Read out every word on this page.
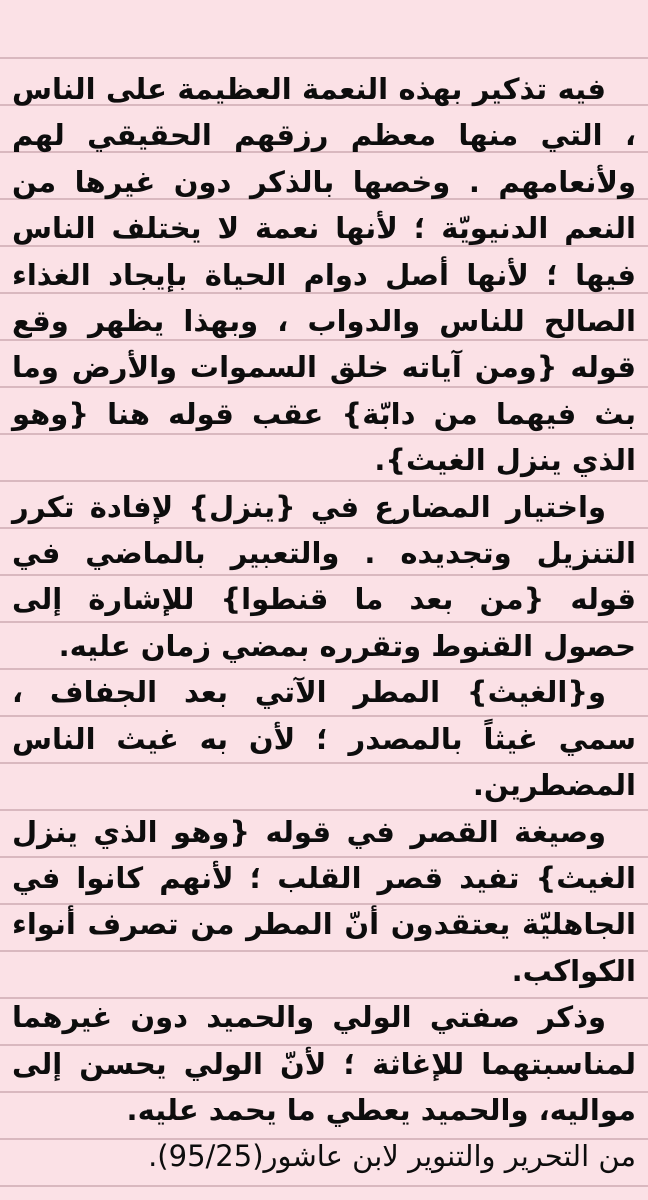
فيه تذكير بهذه النعمة العظيمة على الناس ، التي منها معظم رزقهم الحقيقي لهم ولأنعامهم . وخصها بالذكر دون غيرها من النعم الدنيويّة ؛ لأنها نعمة لا يختلف الناس فيها ؛ لأنها أصل دوام الحياة بإيجاد الغذاء الصالح للناس والدواب ، وبهذا يظهر وقع قوله {ومن آياته خلق السموات والأرض وما بث فيهما من دابّة} عقب قوله هنا {وهو الذي ينزل الغيث}.

واختيار المضارع في {ينزل} لإفادة تكرر التنزيل وتجديده . والتعبير بالماضي في قوله {من بعد ما قنطوا} للإشارة إلى حصول القنوط وتقرره بمضي زمان عليه.

و{الغيث} المطر الآتي بعد الجفاف ، سمي غيثاً بالمصدر ؛ لأن به غيث الناس المضطرين.

وصيغة القصر في قوله {وهو الذي ينزل الغيث} تفيد قصر القلب ؛ لأنهم كانوا في الجاهليّة يعتقدون أنّ المطر من تصرف أنواء الكواكب.

وذكر صفتي الولي والحميد دون غيرهما لمناسبتهما للإغاثة ؛ لأنّ الولي يحسن إلى مواليه، والحميد يعطي ما يحمد عليه.

من التحرير والتنوير لابن عاشور(95/25).
